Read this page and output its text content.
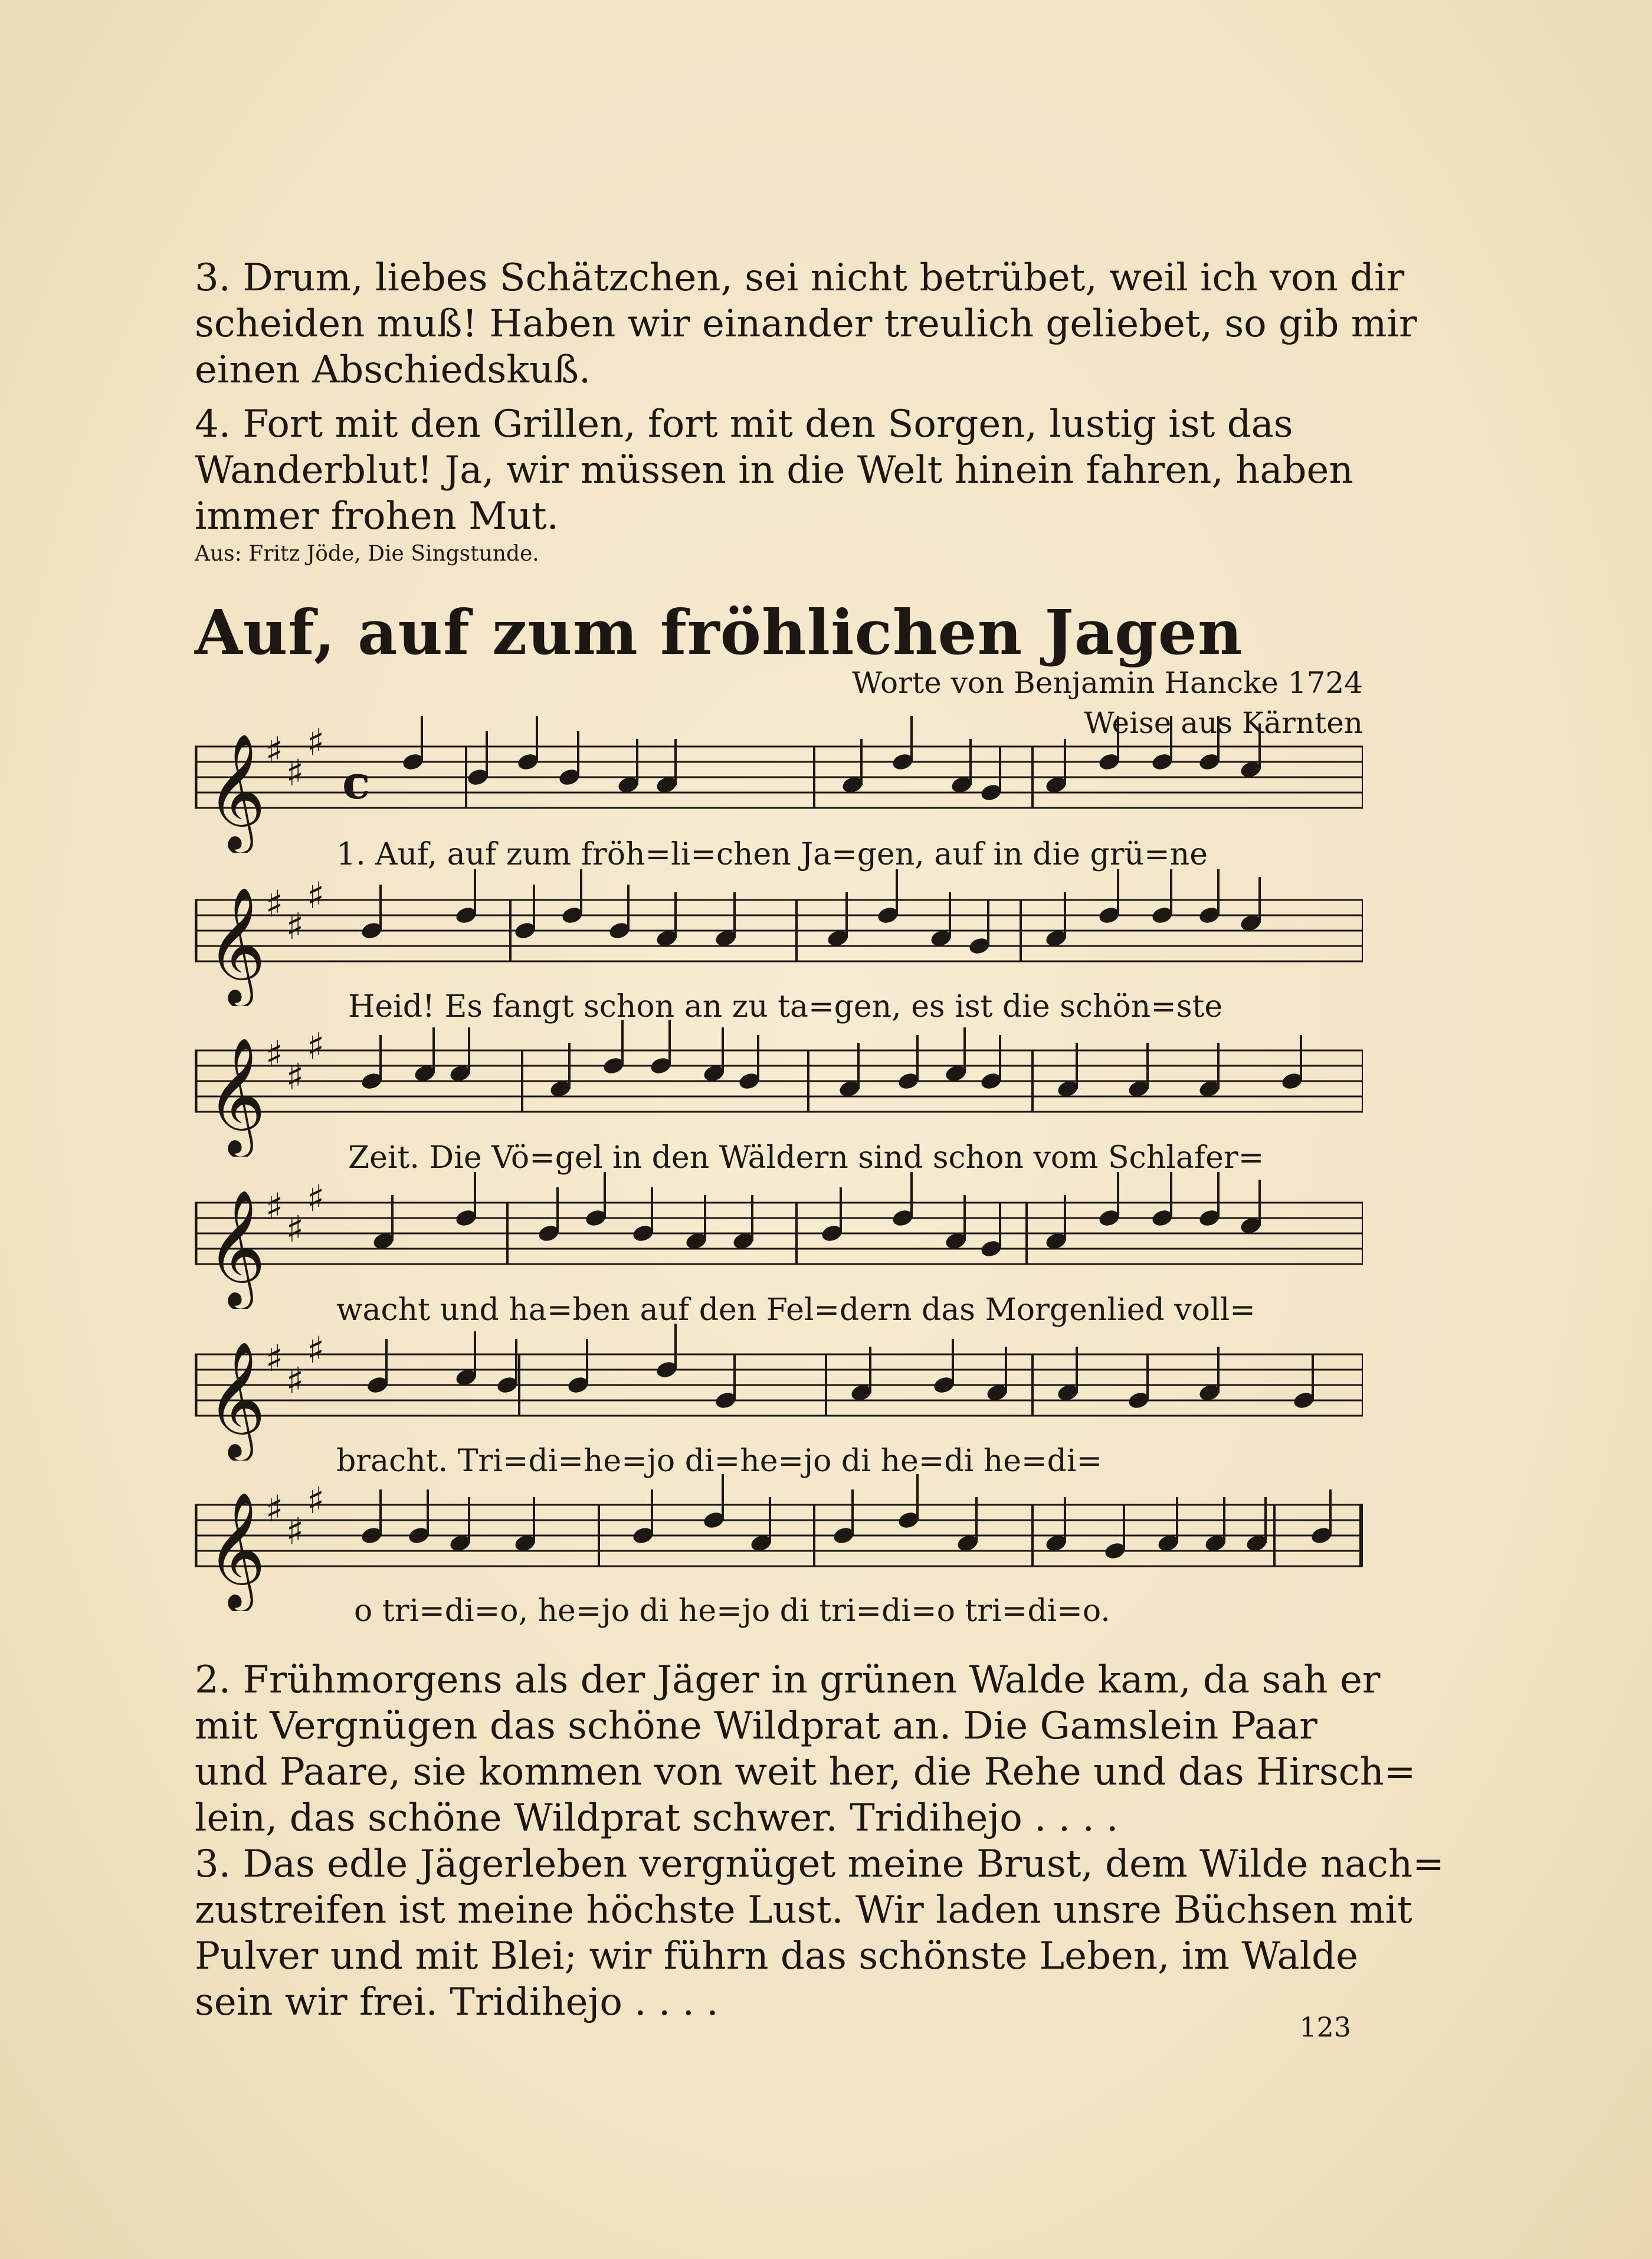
3. Drum, liebes Schätzchen, sei nicht betrübet, weil ich von dir
scheiden muß! Haben wir einander treulich geliebet, so gib mir
einen Abschiedskuß.
4. Fort mit den Grillen, fort mit den Sorgen, lustig ist das
Wanderblut! Ja, wir müssen in die Welt hinein fahren, haben
immer frohen Mut.
Aus: Fritz Jöde, Die Singstunde.
Auf, auf zum fröhlichen Jagen
Worte von Benjamin Hancke 1724
Weise aus Kärnten
𝄞 ♯
♯
♯
c
1. Auf, auf zum fröh=li=chen Ja=gen, auf in die grü=ne
𝄞 ♯
♯
♯
Heid! Es fangt schon an zu ta=gen, es ist die schön=ste
𝄞 ♯
♯
♯
Zeit. Die Vö=gel in den Wäldern sind schon vom Schlafer=
𝄞 ♯
♯
♯
wacht und ha=ben auf den Fel=dern das Morgenlied voll=
𝄞 ♯
♯
♯
bracht. Tri=di=he=jo di=he=jo di he=di he=di=
𝄞 ♯
♯
♯
o tri=di=o, he=jo di he=jo di tri=di=o tri=di=o.
2. Frühmorgens als der Jäger in grünen Walde kam, da sah er
mit Vergnügen das schöne Wildprat an. Die Gamslein Paar
und Paare, sie kommen von weit her, die Rehe und das Hirsch=
lein, das schöne Wildprat schwer. Tridihejo . . . .
3. Das edle Jägerleben vergnüget meine Brust, dem Wilde nach=
zustreifen ist meine höchste Lust. Wir laden unsre Büchsen mit
Pulver und mit Blei; wir führn das schönste Leben, im Walde
sein wir frei. Tridihejo . . . .
123
